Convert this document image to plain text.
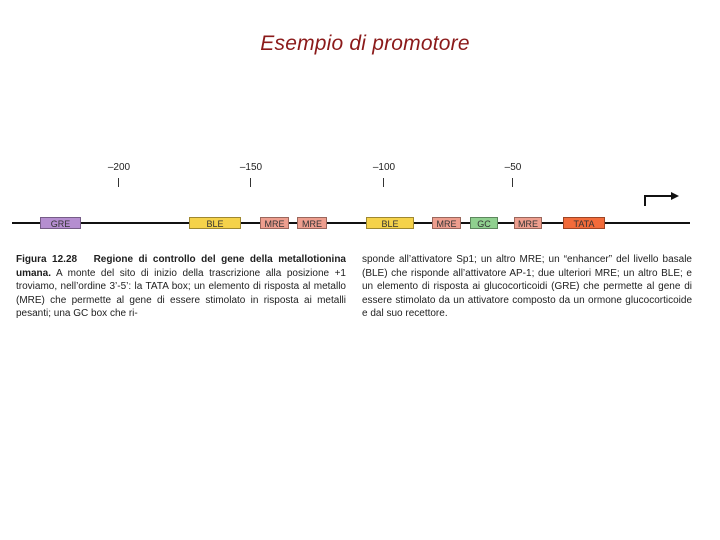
Esempio di promotore
–200	–150	–100	–50
GRE	BLE	MRE	MRE	BLE	MRE	GC	MRE	TATA

Figura 12.28 Regione di controllo del gene della metallotionina umana. A monte del sito di inizio della trascrizione alla posizione +1 troviamo, nell’ordine 3’-5’: la TATA box; un elemento di risposta al metallo (MRE) che permette al gene di essere stimolato in risposta ai metalli pesanti; una GC box che ri-

sponde all’attivatore Sp1; un altro MRE; un “enhancer” del livello basale (BLE) che risponde all’attivatore AP-1; due ulteriori MRE; un altro BLE; e un elemento di risposta ai glucocorticoidi (GRE) che permette al gene di essere stimolato da un attivatore composto da un ormone glucocorticoide e dal suo recettore.
